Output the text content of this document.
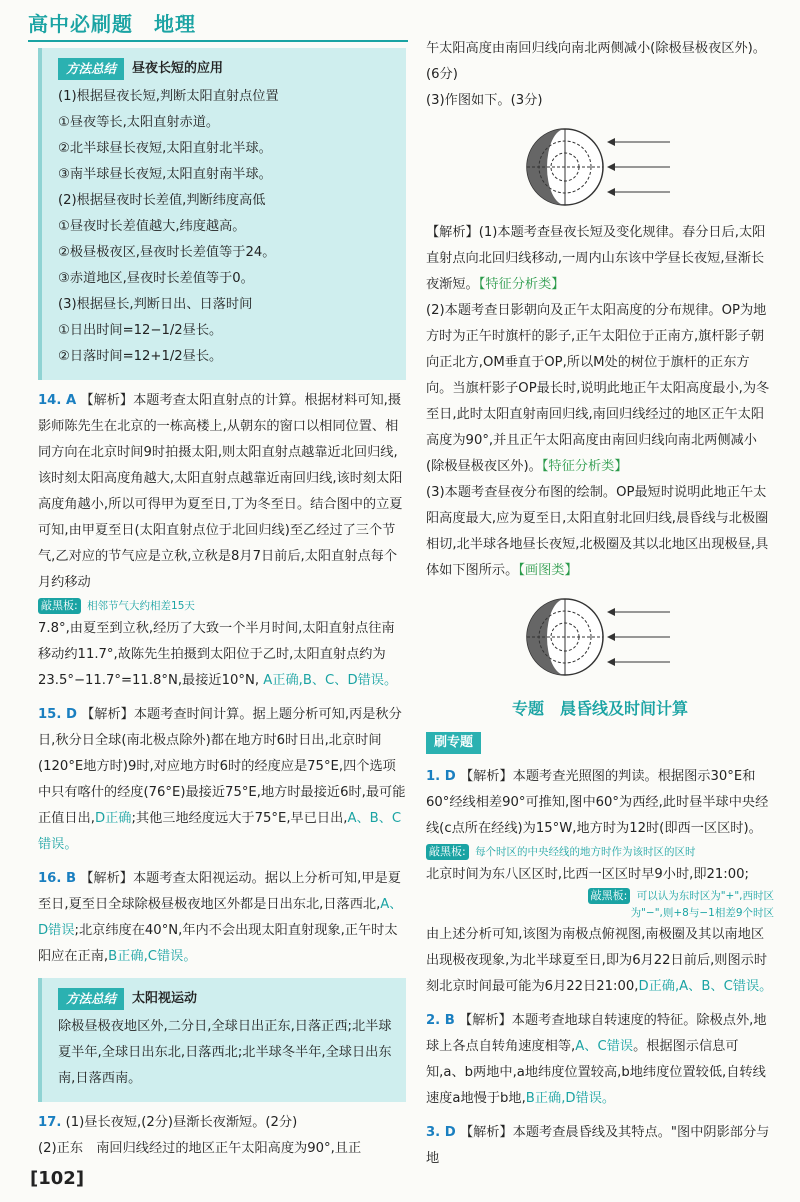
高中必刷题　地理
方法总结	昼夜长短的应用
(1)根据昼夜长短,判断太阳直射点位置
①昼夜等长,太阳直射赤道。
②北半球昼长夜短,太阳直射北半球。
③南半球昼长夜短,太阳直射南半球。
(2)根据昼夜时长差值,判断纬度高低
①昼夜时长差值越大,纬度越高。
②极昼极夜区,昼夜时长差值等于24。
③赤道地区,昼夜时长差值等于0。
(3)根据昼长,判断日出、日落时间
①日出时间=12−1/2昼长。
②日落时间=12+1/2昼长。
14. A 【解析】本题考查太阳直射点的计算。根据材料可知,摄影师陈先生在北京的一栋高楼上,从朝东的窗口以相同位置、相同方向在北京时间9时拍摄太阳,则太阳直射点越靠近北回归线,该时刻太阳高度角越大,太阳直射点越靠近南回归线,该时刻太阳高度角越小,所以可得甲为夏至日,丁为冬至日。结合图中的立夏可知,由甲夏至日(太阳直射点位于北回归线)至乙经过了三个节气,乙对应的节气应是立秋,立秋是8月7日前后,太阳直射点每个月约移动
敲黑板: 相邻节气大约相差15天
7.8°,由夏至到立秋,经历了大致一个半月时间,太阳直射点往南移动约11.7°,故陈先生拍摄到太阳位于乙时,太阳直射点约为23.5°−11.7°=11.8°N,最接近10°N, A正确,B、C、D错误。
15. D 【解析】本题考查时间计算。据上题分析可知,丙是秋分日,秋分日全球(南北极点除外)都在地方时6时日出,北京时间(120°E地方时)9时,对应地方时6时的经度应是75°E,四个选项中只有喀什的经度(76°E)最接近75°E,地方时最接近6时,最可能正值日出,D正确;其他三地经度远大于75°E,早已日出,A、B、C错误。
16. B 【解析】本题考查太阳视运动。据以上分析可知,甲是夏至日,夏至日全球除极昼极夜地区外都是日出东北,日落西北,A、D错误;北京纬度在40°N,年内不会出现太阳直射现象,正午时太阳应在正南,B正确,C错误。
方法总结	太阳视运动
除极昼极夜地区外,二分日,全球日出正东,日落正西;北半球夏半年,全球日出东北,日落西北;北半球冬半年,全球日出东南,日落西南。
17. (1)昼长夜短,(2分)昼渐长夜渐短。(2分)
(2)正东　南回归线经过的地区正午太阳高度为90°,且正
午太阳高度由南回归线向南北两侧减小(除极昼极夜区外)。(6分)
(3)作图如下。(3分)
【解析】(1)本题考查昼夜长短及变化规律。春分日后,太阳直射点向北回归线移动,一周内山东该中学昼长夜短,昼渐长夜渐短。【特征分析类】
(2)本题考查日影朝向及正午太阳高度的分布规律。OP为地方时为正午时旗杆的影子,正午太阳位于正南方,旗杆影子朝向正北方,OM垂直于OP,所以M处的树位于旗杆的正东方向。当旗杆影子OP最长时,说明此地正午太阳高度最小,为冬至日,此时太阳直射南回归线,南回归线经过的地区正午太阳高度为90°,并且正午太阳高度由南回归线向南北两侧减小(除极昼极夜区外)。【特征分析类】
(3)本题考查昼夜分布图的绘制。OP最短时说明此地正午太阳高度最大,应为夏至日,太阳直射北回归线,晨昏线与北极圈相切,北半球各地昼长夜短,北极圈及其以北地区出现极昼,具体如下图所示。【画图类】
专题　晨昏线及时间计算
刷专题
1. D 【解析】本题考查光照图的判读。根据图示30°E和60°经线相差90°可推知,图中60°为西经,此时昼半球中央经线(c点所在经线)为15°W,地方时为12时(即西一区区时)。
敲黑板: 每个时区的中央经线的地方时作为该时区的区时
北京时间为东八区区时,比西一区区时早9小时,即21:00;
敲黑板: 可以认为东时区为"+",西时区为"−",则+8与−1相差9个时区
由上述分析可知,该图为南极点俯视图,南极圈及其以南地区出现极夜现象,为北半球夏至日,即为6月22日前后,则图示时刻北京时间最可能为6月22日21:00,D正确,A、B、C错误。
2. B 【解析】本题考查地球自转速度的特征。除极点外,地球上各点自转角速度相等,A、C错误。根据图示信息可知,a、b两地中,a地纬度位置较高,b地纬度位置较低,自转线速度a地慢于b地,B正确,D错误。
3. D 【解析】本题考查晨昏线及其特点。"图中阴影部分与地
[102]
